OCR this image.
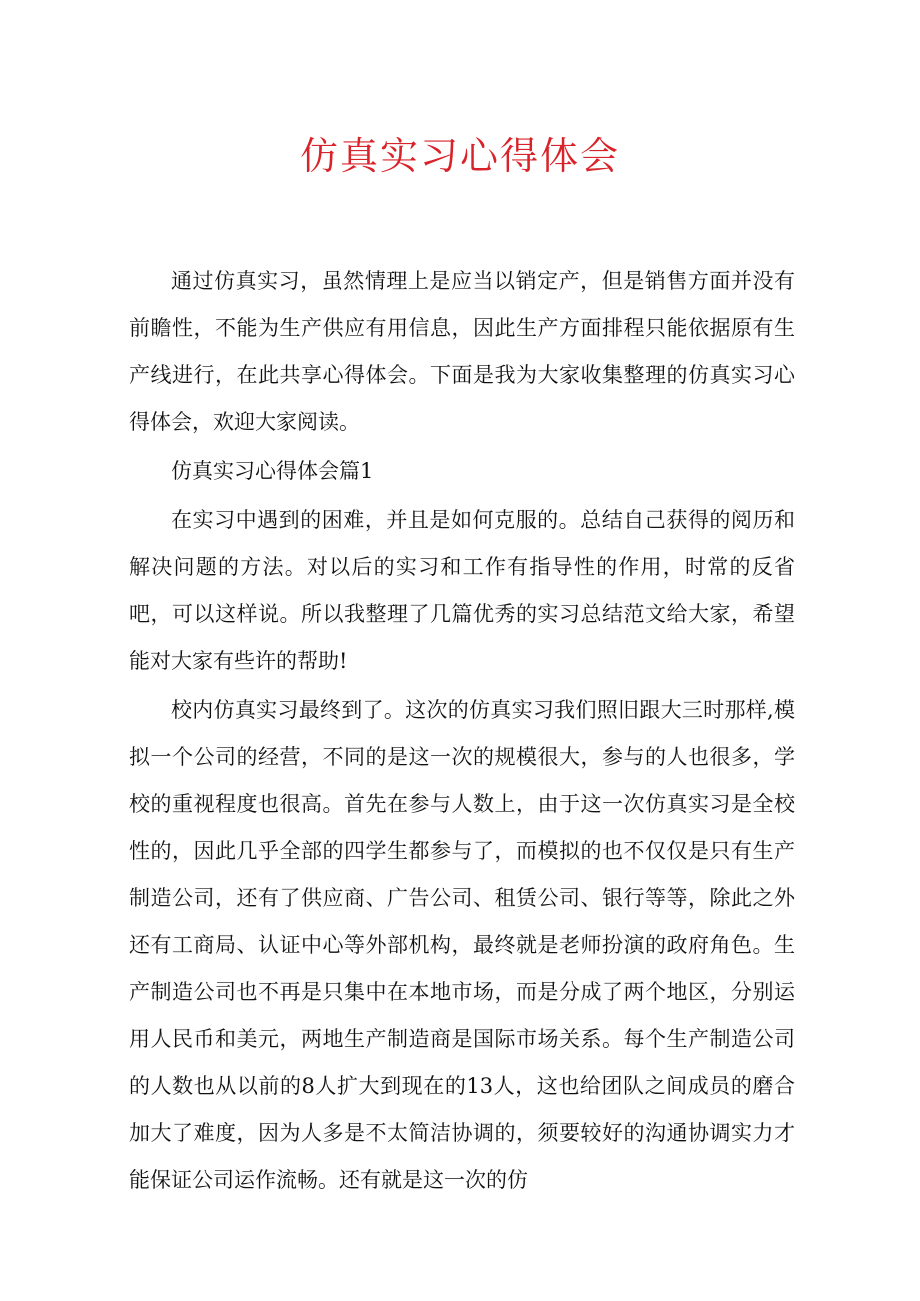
仿真实习心得体会

通过仿真实习，虽然情理上是应当以销定产，但是销售方面并没有前瞻性，不能为生产供应有用信息，因此生产方面排程只能依据原有生产线进行，在此共享心得体会。下面是我为大家收集整理的仿真实习心得体会，欢迎大家阅读。

仿真实习心得体会篇1

在实习中遇到的困难，并且是如何克服的。总结自己获得的阅历和解决问题的方法。对以后的实习和工作有指导性的作用，时常的反省吧，可以这样说。所以我整理了几篇优秀的实习总结范文给大家，希望能对大家有些许的帮助!

校内仿真实习最终到了。这次的仿真实习我们照旧跟大三时那样,模拟一个公司的经营，不同的是这一次的规模很大，参与的人也很多，学校的重视程度也很高。首先在参与人数上，由于这一次仿真实习是全校性的，因此几乎全部的四学生都参与了，而模拟的也不仅仅是只有生产制造公司，还有了供应商、广告公司、租赁公司、银行等等，除此之外还有工商局、认证中心等外部机构，最终就是老师扮演的政府角色。生产制造公司也不再是只集中在本地市场，而是分成了两个地区，分别运用人民币和美元，两地生产制造商是国际市场关系。每个生产制造公司的人数也从以前的8人扩大到现在的13人，这也给团队之间成员的磨合加大了难度，因为人多是不太简洁协调的，须要较好的沟通协调实力才能保证公司运作流畅。还有就是这一次的仿
